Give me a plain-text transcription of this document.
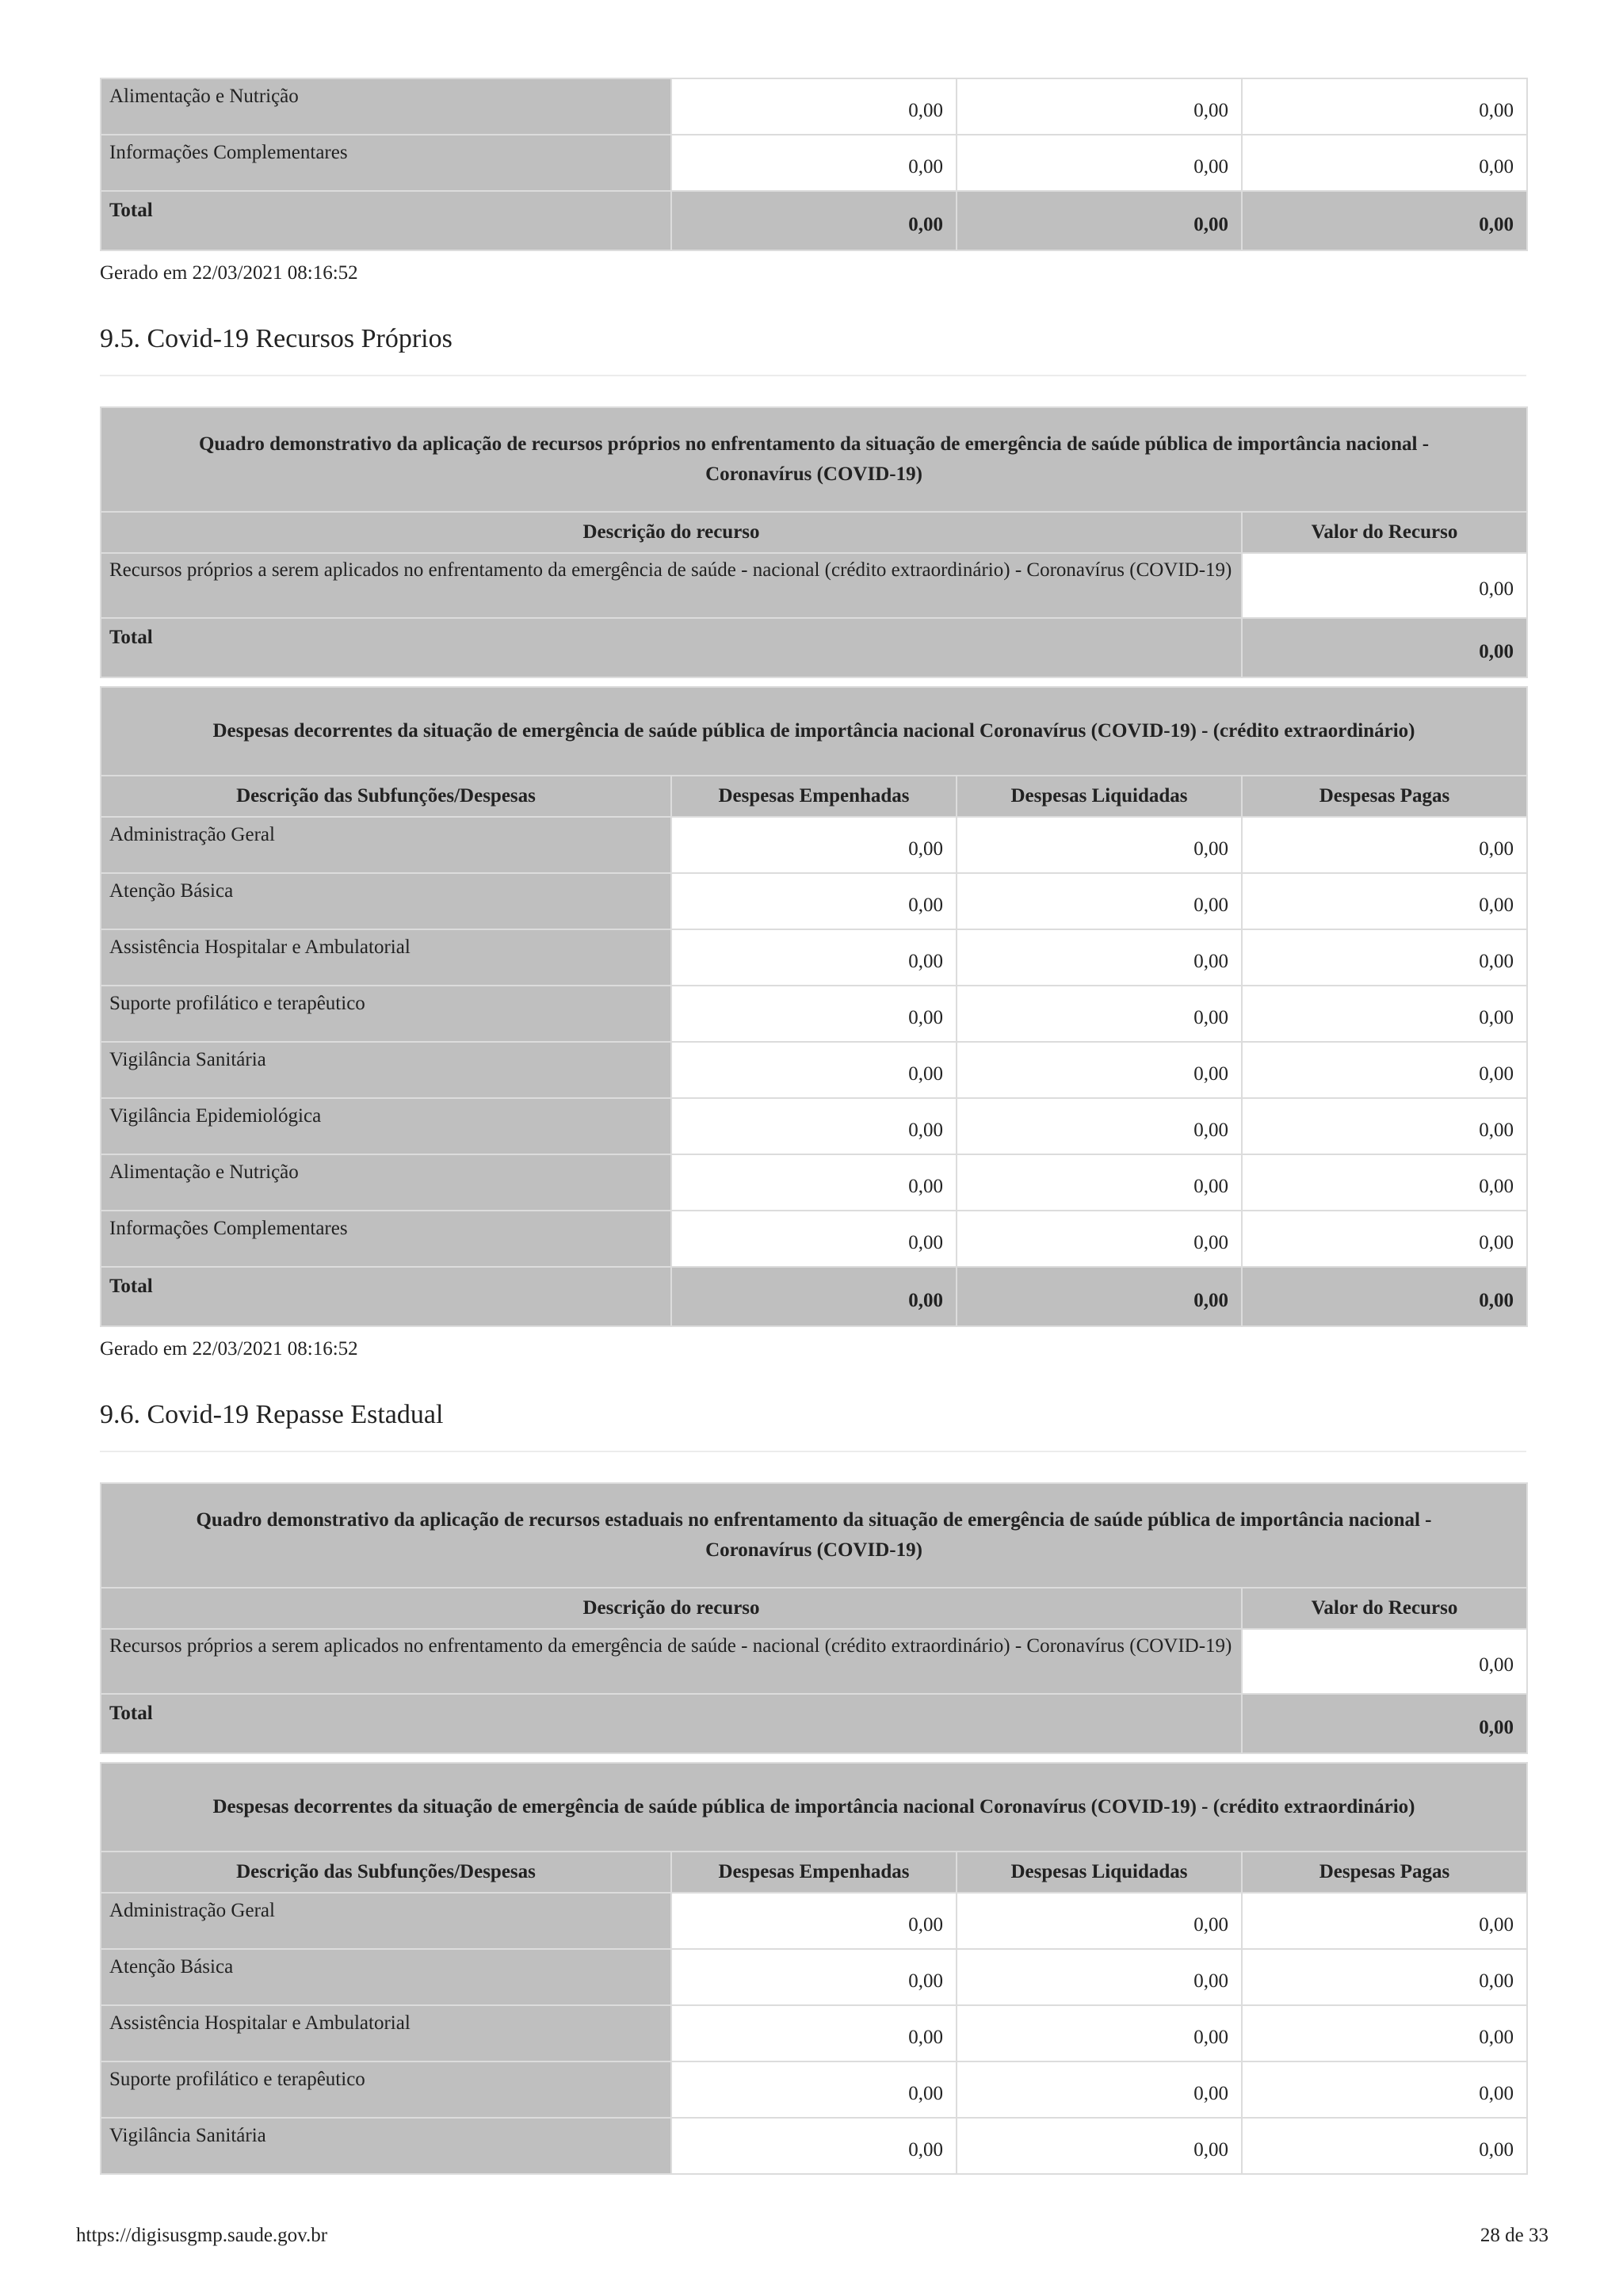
Alimentação e Nutrição	0,00	0,00	0,00
Informações Complementares	0,00	0,00	0,00
Total	0,00	0,00	0,00
Gerado em 22/03/2021 08:16:52
9.5. Covid-19 Recursos Próprios
Quadro demonstrativo da aplicação de recursos próprios no enfrentamento da situação de emergência de saúde pública de importância nacional - Coronavírus (COVID-19)	
Descrição do recurso	Valor do Recurso
Recursos próprios a serem aplicados no enfrentamento da emergência de saúde - nacional (crédito extraordinário) - Coronavírus (COVID-19)	0,00
Total	0,00
Despesas decorrentes da situação de emergência de saúde pública de importância nacional Coronavírus (COVID-19) - (crédito extraordinário)			
Descrição das Subfunções/Despesas	Despesas Empenhadas	Despesas Liquidadas	Despesas Pagas
Administração Geral	0,00	0,00	0,00
Atenção Básica	0,00	0,00	0,00
Assistência Hospitalar e Ambulatorial	0,00	0,00	0,00
Suporte profilático e terapêutico	0,00	0,00	0,00
Vigilância Sanitária	0,00	0,00	0,00
Vigilância Epidemiológica	0,00	0,00	0,00
Alimentação e Nutrição	0,00	0,00	0,00
Informações Complementares	0,00	0,00	0,00
Total	0,00	0,00	0,00
Gerado em 22/03/2021 08:16:52
9.6. Covid-19 Repasse Estadual
Quadro demonstrativo da aplicação de recursos estaduais no enfrentamento da situação de emergência de saúde pública de importância nacional - Coronavírus (COVID-19)	
Descrição do recurso	Valor do Recurso
Recursos próprios a serem aplicados no enfrentamento da emergência de saúde - nacional (crédito extraordinário) - Coronavírus (COVID-19)	0,00
Total	0,00
Despesas decorrentes da situação de emergência de saúde pública de importância nacional Coronavírus (COVID-19) - (crédito extraordinário)			
Descrição das Subfunções/Despesas	Despesas Empenhadas	Despesas Liquidadas	Despesas Pagas
Administração Geral	0,00	0,00	0,00
Atenção Básica	0,00	0,00	0,00
Assistência Hospitalar e Ambulatorial	0,00	0,00	0,00
Suporte profilático e terapêutico	0,00	0,00	0,00
Vigilância Sanitária	0,00	0,00	0,00
https://digisusgmp.saude.gov.br	28 de 33
